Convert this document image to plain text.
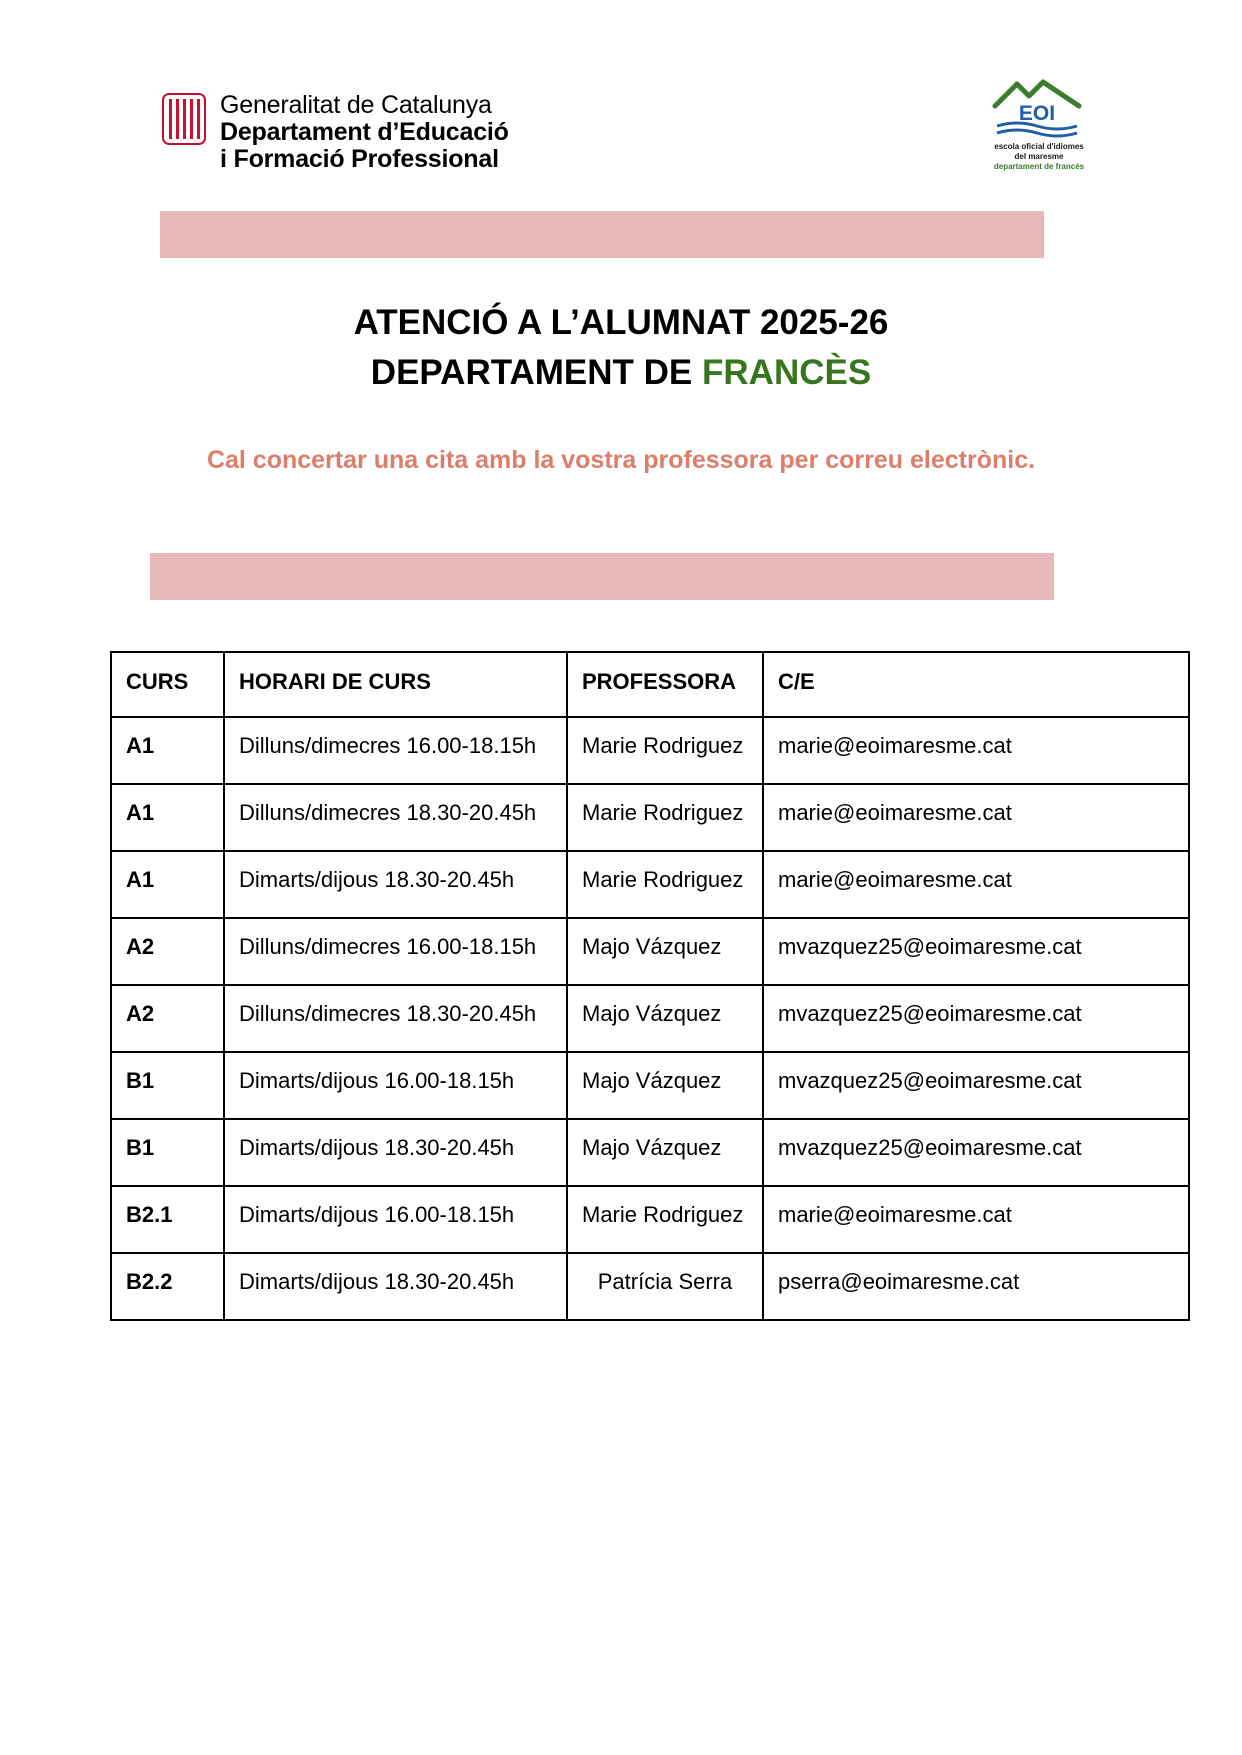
Generalitat de Catalunya
Departament d’Educació
i Formació Professional
EOI
escola oficial d'idiomes
del maresme
departament de francès
ATENCIÓ A L’ALUMNAT 2025-26
DEPARTAMENT DE FRANCÈS
Cal concertar una cita amb la vostra professora per correu electrònic.
CURS	HORARI DE CURS	PROFESSORA	C/E
A1	Dilluns/dimecres 16.00-18.15h	Marie Rodriguez	marie@eoimaresme.cat
A1	Dilluns/dimecres 18.30-20.45h	Marie Rodriguez	marie@eoimaresme.cat
A1	Dimarts/dijous 18.30-20.45h	Marie Rodriguez	marie@eoimaresme.cat
A2	Dilluns/dimecres 16.00-18.15h	Majo Vázquez	mvazquez25@eoimaresme.cat
A2	Dilluns/dimecres 18.30-20.45h	Majo Vázquez	mvazquez25@eoimaresme.cat
B1	Dimarts/dijous 16.00-18.15h	Majo Vázquez	mvazquez25@eoimaresme.cat
B1	Dimarts/dijous 18.30-20.45h	Majo Vázquez	mvazquez25@eoimaresme.cat
B2.1	Dimarts/dijous 16.00-18.15h	Marie Rodriguez	marie@eoimaresme.cat
B2.2	Dimarts/dijous 18.30-20.45h	Patrícia Serra	pserra@eoimaresme.cat
